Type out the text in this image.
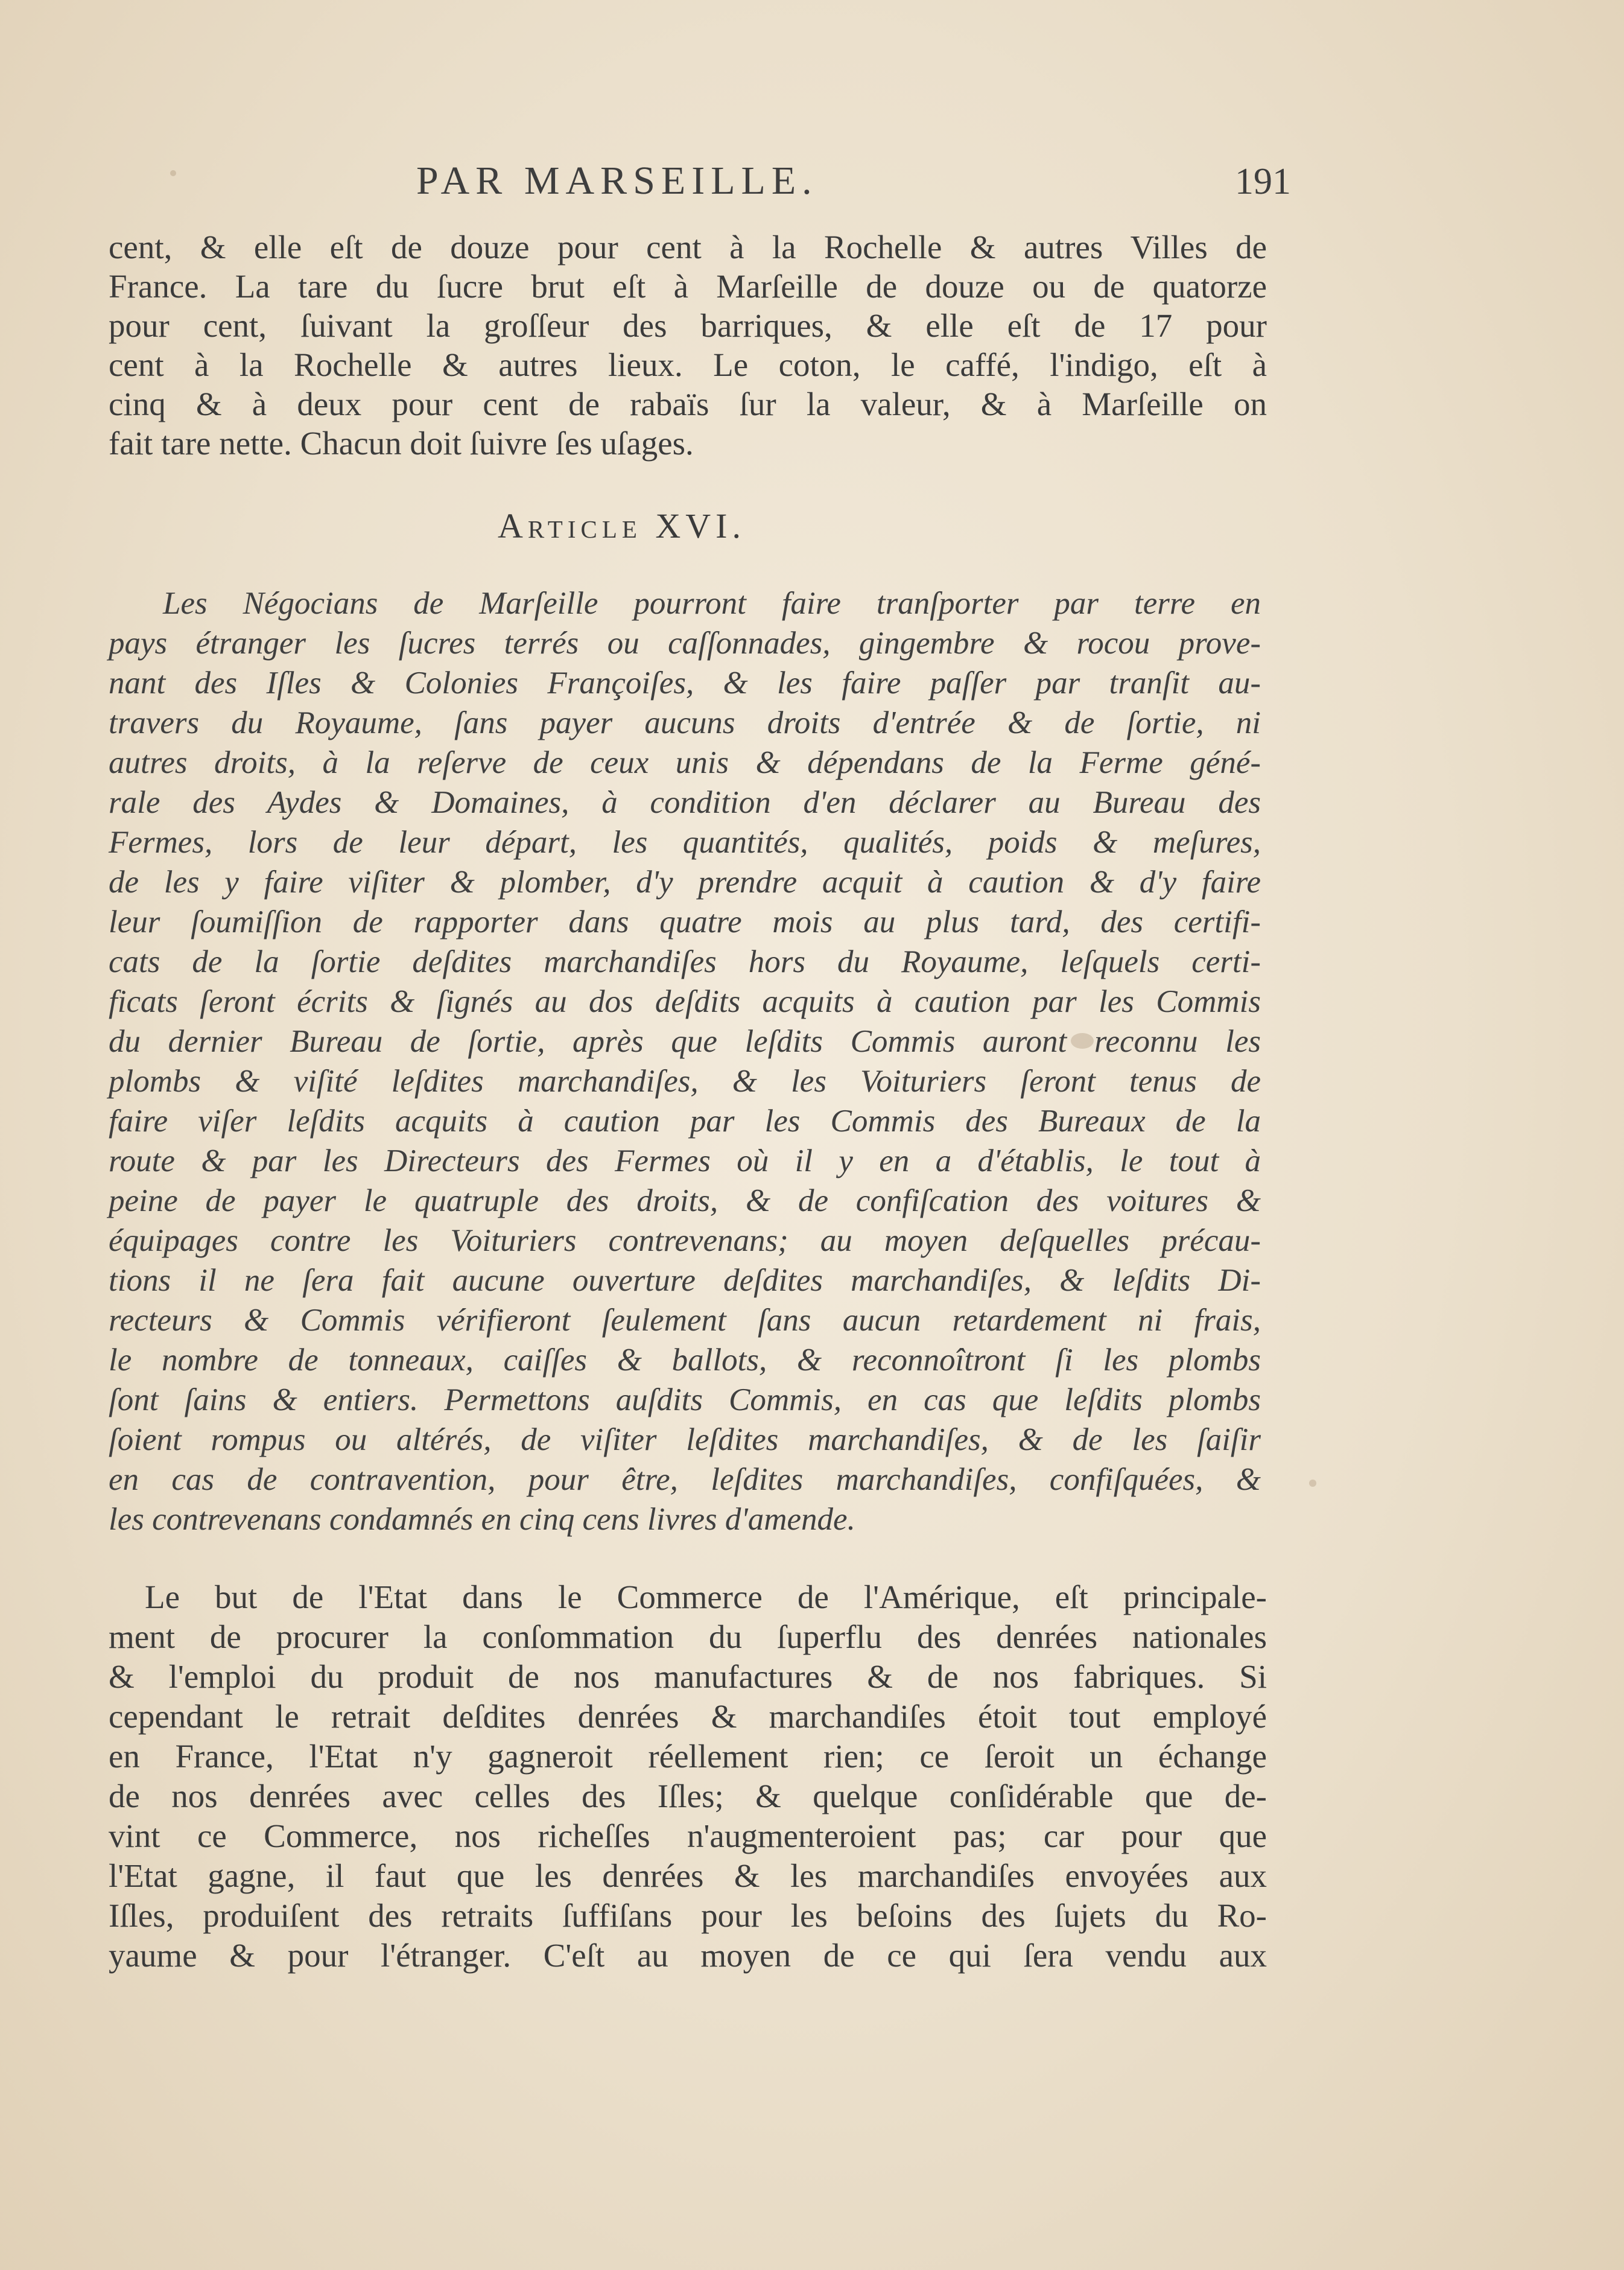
PAR MARSEILLE.	191
cent, & elle eſt de douze pour cent à la Rochelle & autres Villes de
France. La tare du ſucre brut eſt à Marſeille de douze ou de quatorze
pour cent, ſuivant la groſſeur des barriques, & elle eſt de 17 pour
cent à la Rochelle & autres lieux. Le coton, le caffé, l'indigo, eſt à
cinq & à deux pour cent de rabaïs ſur la valeur, & à Marſeille on
fait tare nette. Chacun doit ſuivre ſes uſages.
Article XVI.
Les Négocians de Marſeille pourront faire tranſporter par terre en
pays étranger les ſucres terrés ou caſſonnades, gingembre & rocou prove-
nant des Iſles & Colonies Françoiſes, & les faire paſſer par tranſit au-
travers du Royaume, ſans payer aucuns droits d'entrée & de ſortie, ni
autres droits, à la reſerve de ceux unis & dépendans de la Ferme géné-
rale des Aydes & Domaines, à condition d'en déclarer au Bureau des
Fermes, lors de leur départ, les quantités, qualités, poids & meſures,
de les y faire viſiter & plomber, d'y prendre acquit à caution & d'y faire
leur ſoumiſſion de rapporter dans quatre mois au plus tard, des certifi-
cats de la ſortie deſdites marchandiſes hors du Royaume, leſquels certi-
ficats ſeront écrits & ſignés au dos deſdits acquits à caution par les Commis
du dernier Bureau de ſortie, après que leſdits Commis auront reconnu les
plombs & viſité leſdites marchandiſes, & les Voituriers ſeront tenus de
faire viſer leſdits acquits à caution par les Commis des Bureaux de la
route & par les Directeurs des Fermes où il y en a d'établis, le tout à
peine de payer le quatruple des droits, & de confiſcation des voitures &
équipages contre les Voituriers contrevenans; au moyen deſquelles précau-
tions il ne ſera fait aucune ouverture deſdites marchandiſes, & leſdits Di-
recteurs & Commis vérifieront ſeulement ſans aucun retardement ni frais,
le nombre de tonneaux, caiſſes & ballots, & reconnoîtront ſi les plombs
ſont ſains & entiers. Permettons auſdits Commis, en cas que leſdits plombs
ſoient rompus ou altérés, de viſiter leſdites marchandiſes, & de les ſaiſir
en cas de contravention, pour être, leſdites marchandiſes, confiſquées, &
les contrevenans condamnés en cinq cens livres d'amende.
Le but de l'Etat dans le Commerce de l'Amérique, eſt principale-
ment de procurer la conſommation du ſuperflu des denrées nationales
& l'emploi du produit de nos manufactures & de nos fabriques. Si
cependant le retrait deſdites denrées & marchandiſes étoit tout employé
en France, l'Etat n'y gagneroit réellement rien; ce ſeroit un échange
de nos denrées avec celles des Iſles; & quelque conſidérable que de-
vint ce Commerce, nos richeſſes n'augmenteroient pas; car pour que
l'Etat gagne, il faut que les denrées & les marchandiſes envoyées aux
Iſles, produiſent des retraits ſuffiſans pour les beſoins des ſujets du Ro-
yaume & pour l'étranger. C'eſt au moyen de ce qui ſera vendu aux
